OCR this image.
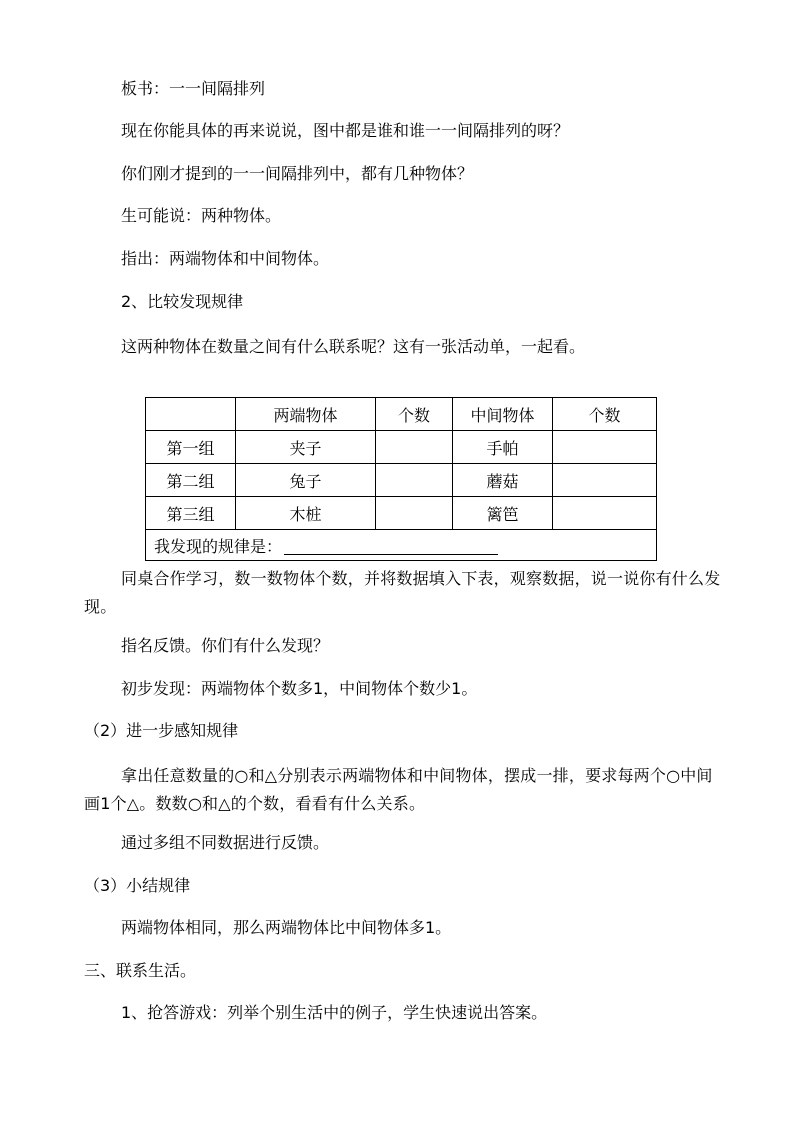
板书：一一间隔排列
现在你能具体的再来说说，图中都是谁和谁一一间隔排列的呀？
你们刚才提到的一一间隔排列中，都有几种物体？
生可能说：两种物体。
指出：两端物体和中间物体。
2、比较发现规律
这两种物体在数量之间有什么联系呢？这有一张活动单，一起看。
	两端物体	个数	中间物体	个数
第一组	夹子		手帕	
第二组	兔子		蘑菇	
第三组	木桩		篱笆	
我发现的规律是：				
同桌合作学习，数一数物体个数，并将数据填入下表，观察数据，说一说你有什么发现。
指名反馈。你们有什么发现？
初步发现：两端物体个数多1，中间物体个数少1。
（2）进一步感知规律
拿出任意数量的○和△分别表示两端物体和中间物体，摆成一排，要求每两个○中间画1个△。数数○和△的个数，看看有什么关系。
通过多组不同数据进行反馈。
（3）小结规律
两端物体相同，那么两端物体比中间物体多1。
三、联系生活。
1、抢答游戏：列举个别生活中的例子，学生快速说出答案。
